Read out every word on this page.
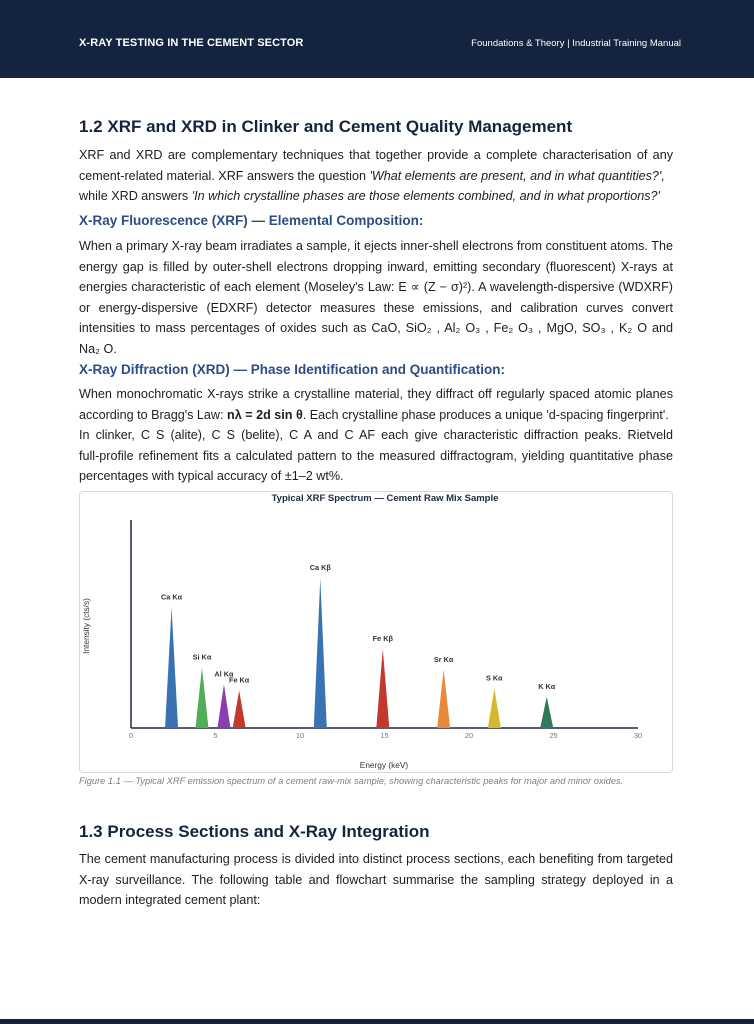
X-RAY TESTING IN THE CEMENT SECTOR	Foundations & Theory | Industrial Training Manual
1.2 XRF and XRD in Clinker and Cement Quality Management
XRF and XRD are complementary techniques that together provide a complete characterisation of any
cement-related material. XRF answers the question 'What elements are present, and in what quantities?',
while XRD answers 'In which crystalline phases are those elements combined, and in what proportions?'
X-Ray Fluorescence (XRF) — Elemental Composition:
When a primary X-ray beam irradiates a sample, it ejects inner-shell electrons from constituent atoms. The
energy gap is filled by outer-shell electrons dropping inward, emitting secondary (fluorescent) X-rays at
energies characteristic of each element (Moseley's Law: E ∝ (Z − σ)²). A wavelength-dispersive (WDXRF)
or energy-dispersive (EDXRF) detector measures these emissions, and calibration curves convert
intensities to mass percentages of oxides such as CaO, SiO₂ , Al₂ O₃ , Fe₂ O₃ , MgO, SO₃ , K₂ O and
Na₂ O.
X-Ray Diffraction (XRD) — Phase Identification and Quantification:
When monochromatic X-rays strike a crystalline material, they diffract off regularly spaced atomic planes
according to Bragg's Law: nλ = 2d sin θ. Each crystalline phase produces a unique 'd-spacing fingerprint'.
In clinker, C S (alite), C S (belite), C A and C AF each give characteristic diffraction peaks. Rietveld
full-profile refinement fits a calculated pattern to the measured diffractogram, yielding quantitative phase
percentages with typical accuracy of ±1–2 wt%.
Typical XRF Spectrum — Cement Raw Mix Sample
Energy (keV)
Intensity (cts/s)
0	5	10	15	20	25	30
Ca Kα
Si Kα
Al Kα
Fe Kα
Ca Kβ
Fe Kβ
Sr Kα
S Kα
K Kα
Figure 1.1 — Typical XRF emission spectrum of a cement raw-mix sample, showing characteristic peaks for major and minor oxides.
1.3 Process Sections and X-Ray Integration
The cement manufacturing process is divided into distinct process sections, each benefiting from targeted
X-ray surveillance. The following table and flowchart summarise the sampling strategy deployed in a
modern integrated cement plant:
